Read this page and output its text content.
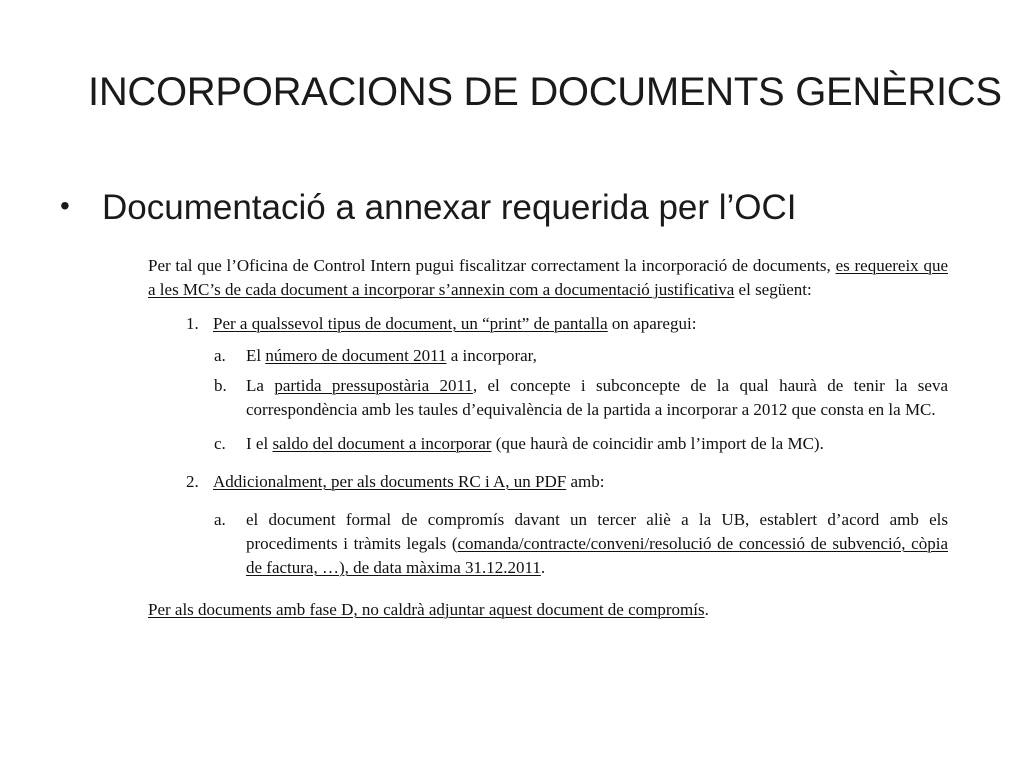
INCORPORACIONS DE DOCUMENTS GENÈRICS
• Documentació a annexar requerida per l’OCI

Per tal que l’Oficina de Control Intern pugui fiscalitzar correctament la incorporació de documents, es requereix que a les MC’s de cada document a incorporar s’annexin com a documentació justificativa el següent:

1. Per a qualssevol tipus de document, un “print” de pantalla on aparegui:
a. El número de document 2011 a incorporar,
b. La partida pressupostària 2011, el concepte i subconcepte de la qual haurà de tenir la seva correspondència amb les taules d’equivalència de la partida a incorporar a 2012 que consta en la MC.
c. I el saldo del document a incorporar (que haurà de coincidir amb l’import de la MC).
2. Addicionalment, per als documents RC i A, un PDF amb:
a. el document formal de compromís davant un tercer aliè a la UB, establert d’acord amb els procediments i tràmits legals (comanda/contracte/conveni/resolució de concessió de subvenció, còpia de factura, …), de data màxima 31.12.2011.

Per als documents amb fase D, no caldrà adjuntar aquest document de compromís.
